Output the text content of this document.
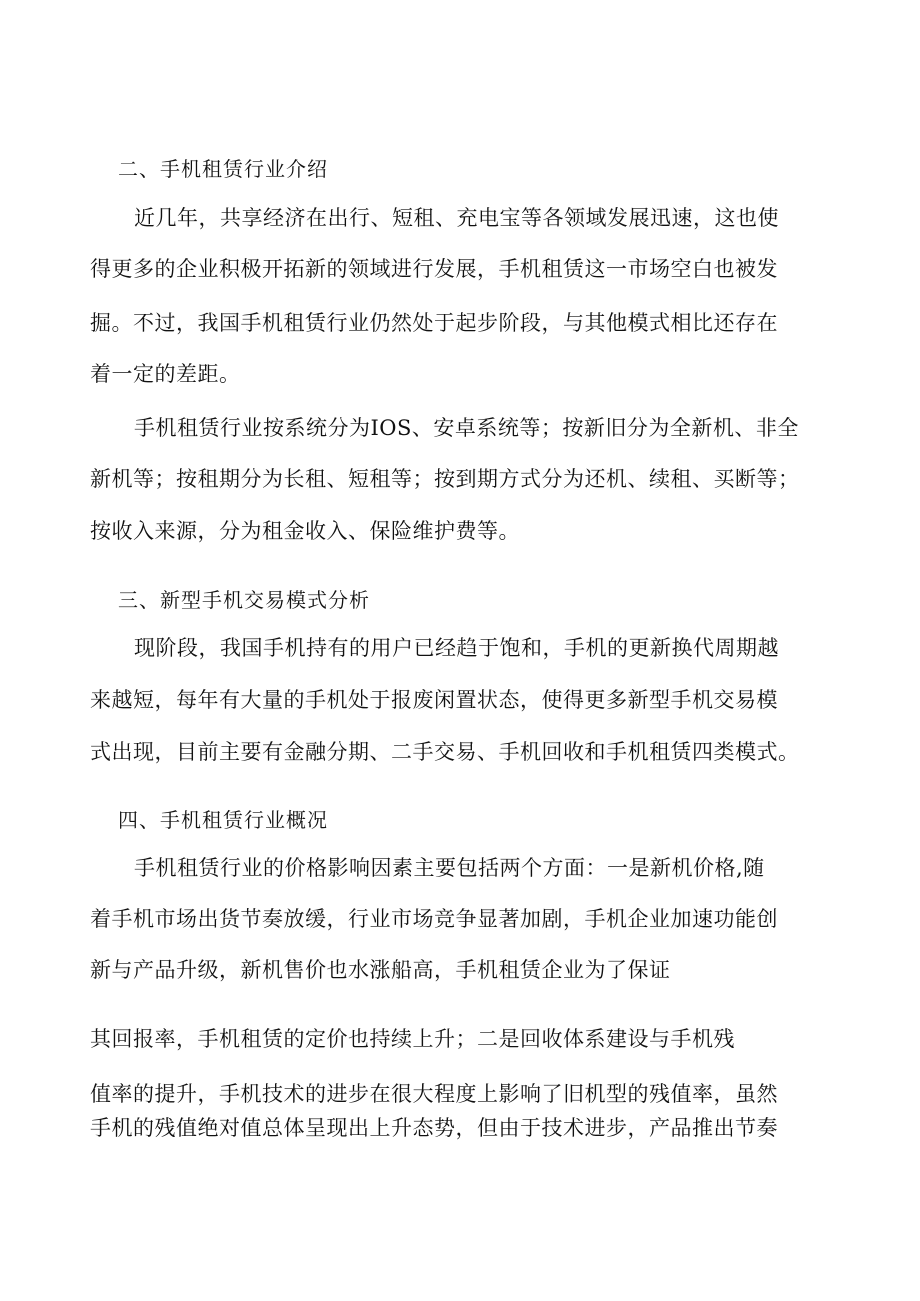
二、手机租赁行业介绍
近几年，共享经济在出行、短租、充电宝等各领域发展迅速，这也使
得更多的企业积极开拓新的领域进行发展，手机租赁这一市场空白也被发
掘。不过，我国手机租赁行业仍然处于起步阶段，与其他模式相比还存在
着一定的差距。
手机租赁行业按系统分为IOS、安卓系统等；按新旧分为全新机、非全
新机等；按租期分为长租、短租等；按到期方式分为还机、续租、买断等；
按收入来源，分为租金收入、保险维护费等。
三、新型手机交易模式分析
现阶段，我国手机持有的用户已经趋于饱和，手机的更新换代周期越
来越短，每年有大量的手机处于报废闲置状态，使得更多新型手机交易模
式出现，目前主要有金融分期、二手交易、手机回收和手机租赁四类模式。
四、手机租赁行业概况
手机租赁行业的价格影响因素主要包括两个方面：一是新机价格,随
着手机市场出货节奏放缓，行业市场竞争显著加剧，手机企业加速功能创
新与产品升级，新机售价也水涨船高，手机租赁企业为了保证
其回报率，手机租赁的定价也持续上升；二是回收体系建设与手机残
值率的提升，手机技术的进步在很大程度上影响了旧机型的残值率，虽然
手机的残值绝对值总体呈现出上升态势，但由于技术进步，产品推出节奏
